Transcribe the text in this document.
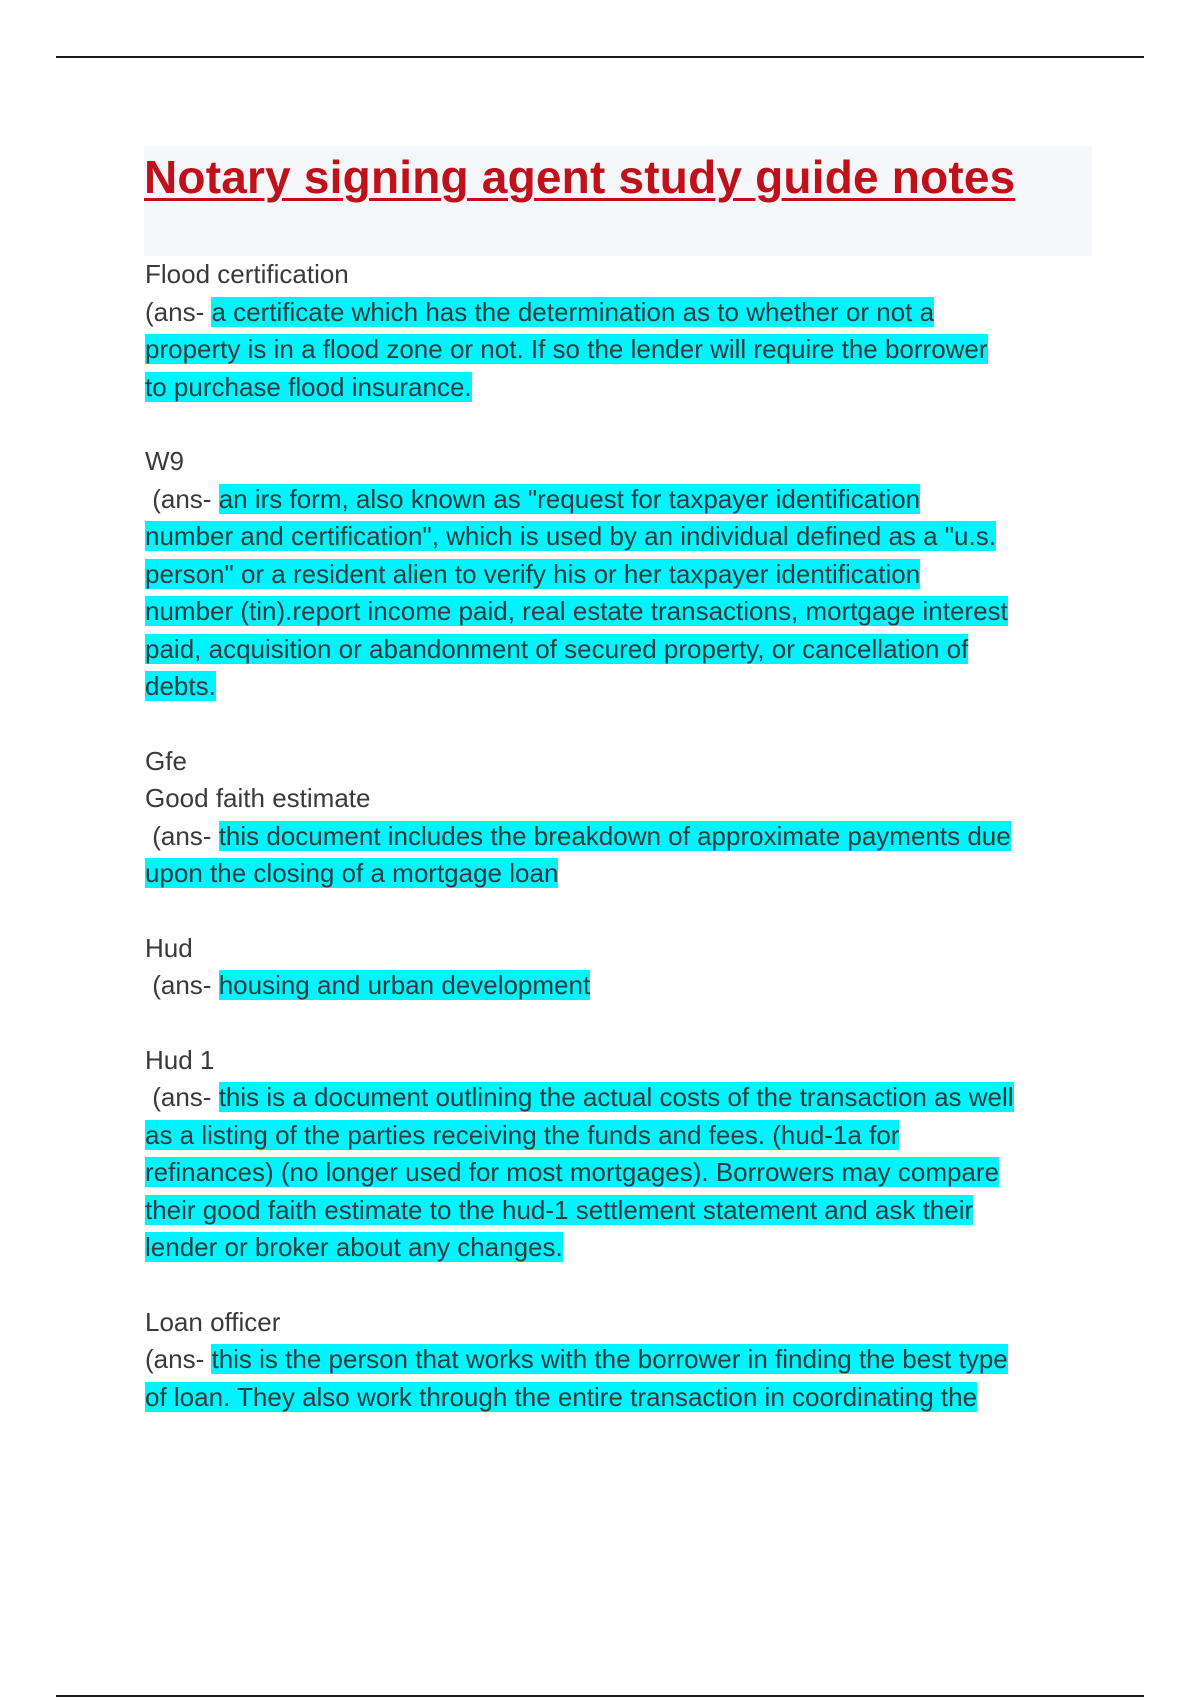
Notary signing agent study guide notes

Flood certification

(ans- a certificate which has the determination as to whether or not a

property is in a flood zone or not. If so the lender will require the borrower

to purchase flood insurance.

W9

(ans- an irs form, also known as "request for taxpayer identification

number and certification", which is used by an individual defined as a "u.s.

person" or a resident alien to verify his or her taxpayer identification

number (tin).report income paid, real estate transactions, mortgage interest

paid, acquisition or abandonment of secured property, or cancellation of

debts.

Gfe

Good faith estimate

(ans- this document includes the breakdown of approximate payments due

upon the closing of a mortgage loan

Hud

(ans- housing and urban development

Hud 1

(ans- this is a document outlining the actual costs of the transaction as well

as a listing of the parties receiving the funds and fees. (hud-1a for

refinances) (no longer used for most mortgages). Borrowers may compare

their good faith estimate to the hud-1 settlement statement and ask their

lender or broker about any changes.

Loan officer

(ans- this is the person that works with the borrower in finding the best type

of loan. They also work through the entire transaction in coordinating the
